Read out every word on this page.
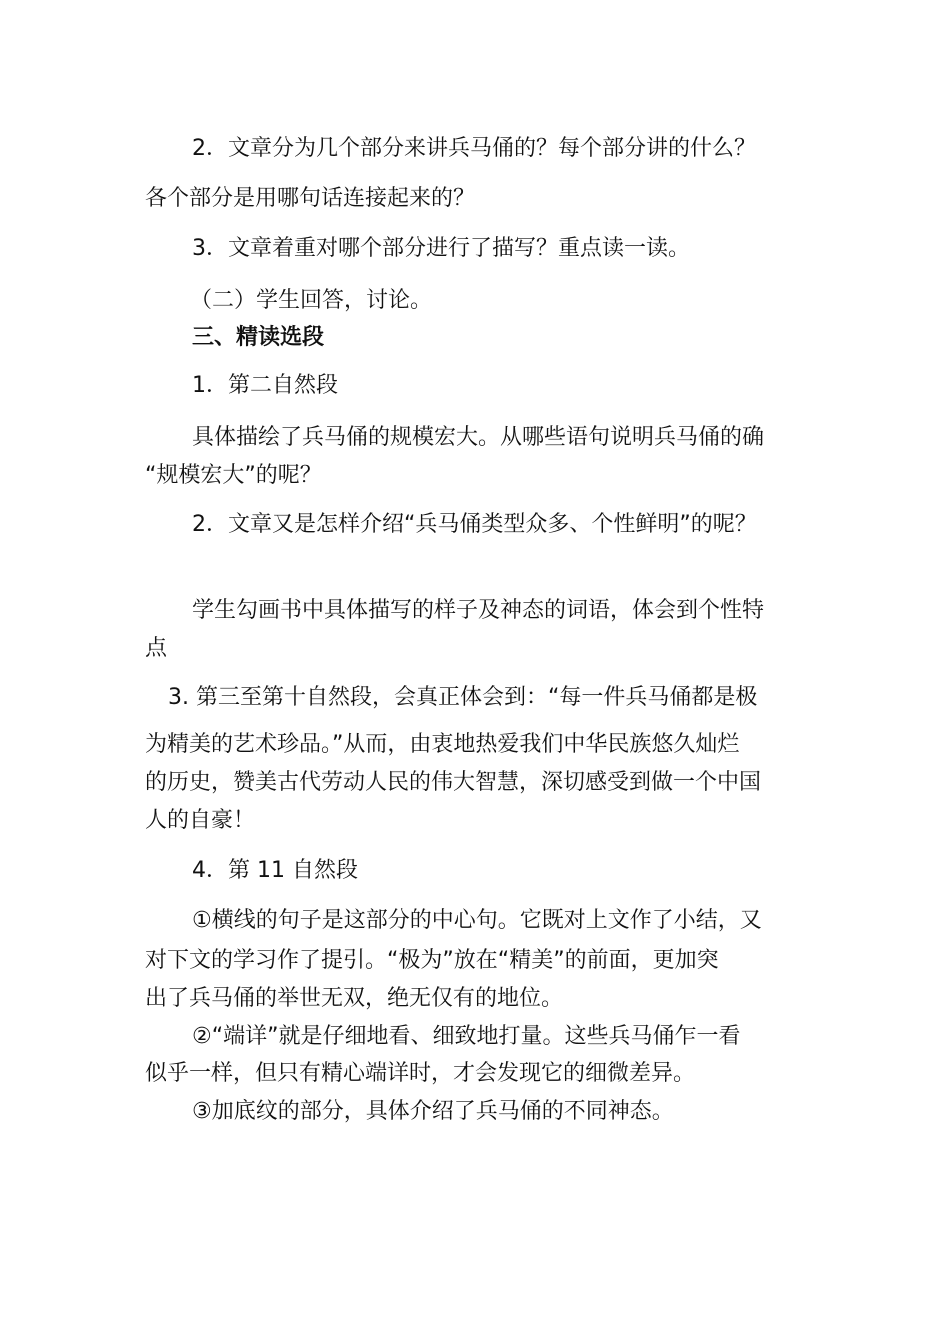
2．文章分为几个部分来讲兵马俑的？每个部分讲的什么？
各个部分是用哪句话连接起来的？
3．文章着重对哪个部分进行了描写？重点读一读。
（二）学生回答，讨论。
三、精读选段
1．第二自然段
具体描绘了兵马俑的规模宏大。从哪些语句说明兵马俑的确
“规模宏大”的呢？
2．文章又是怎样介绍“兵马俑类型众多、个性鲜明”的呢？
学生勾画书中具体描写的样子及神态的词语，体会到个性特
点
3. 第三至第十自然段，会真正体会到：“每一件兵马俑都是极
为精美的艺术珍品。”从而，由衷地热爱我们中华民族悠久灿烂
的历史，赞美古代劳动人民的伟大智慧，深切感受到做一个中国
人的自豪！
4．第 11 自然段
①横线的句子是这部分的中心句。它既对上文作了小结，又
对下文的学习作了提引。“极为”放在“精美”的前面，更加突
出了兵马俑的举世无双，绝无仅有的地位。
②“端详”就是仔细地看、细致地打量。这些兵马俑乍一看
似乎一样，但只有精心端详时，才会发现它的细微差异。
③加底纹的部分，具体介绍了兵马俑的不同神态。
